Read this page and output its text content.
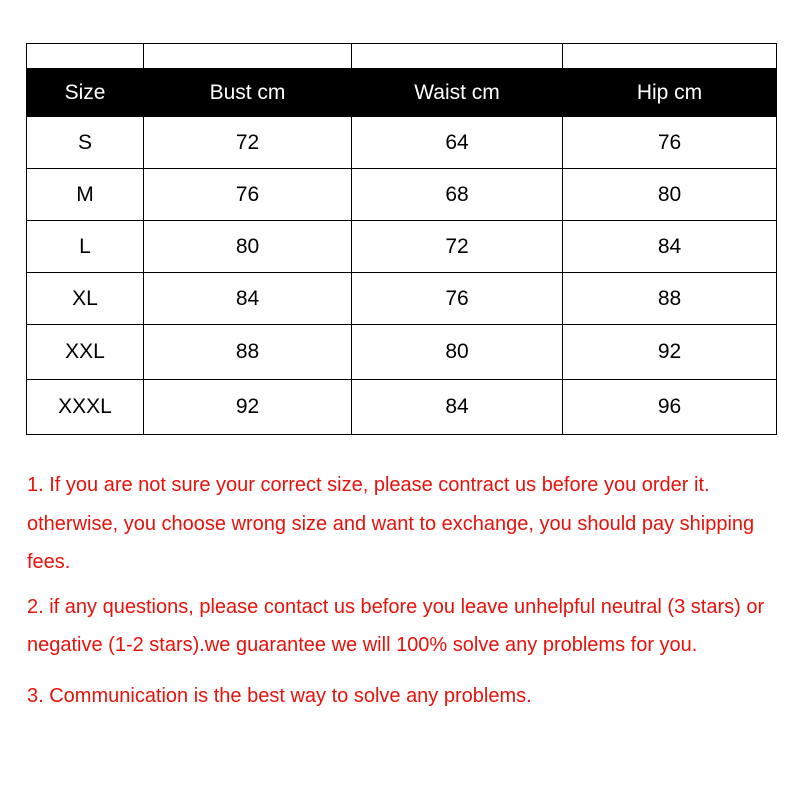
Size	Bust cm	Waist cm	Hip cm
S	72	64	76
M	76	68	80
L	80	72	84
XL	84	76	88
XXL	88	80	92
XXXL	92	84	96

1. If you are not sure your correct size, please contract us before you order it. otherwise, you choose wrong size and want to exchange, you should pay shipping fees.

2. if any questions, please contact us before you leave unhelpful neutral (3 stars) or negative (1-2 stars).we guarantee we will 100% solve any problems for you.

3. Communication is the best way to solve any problems.
